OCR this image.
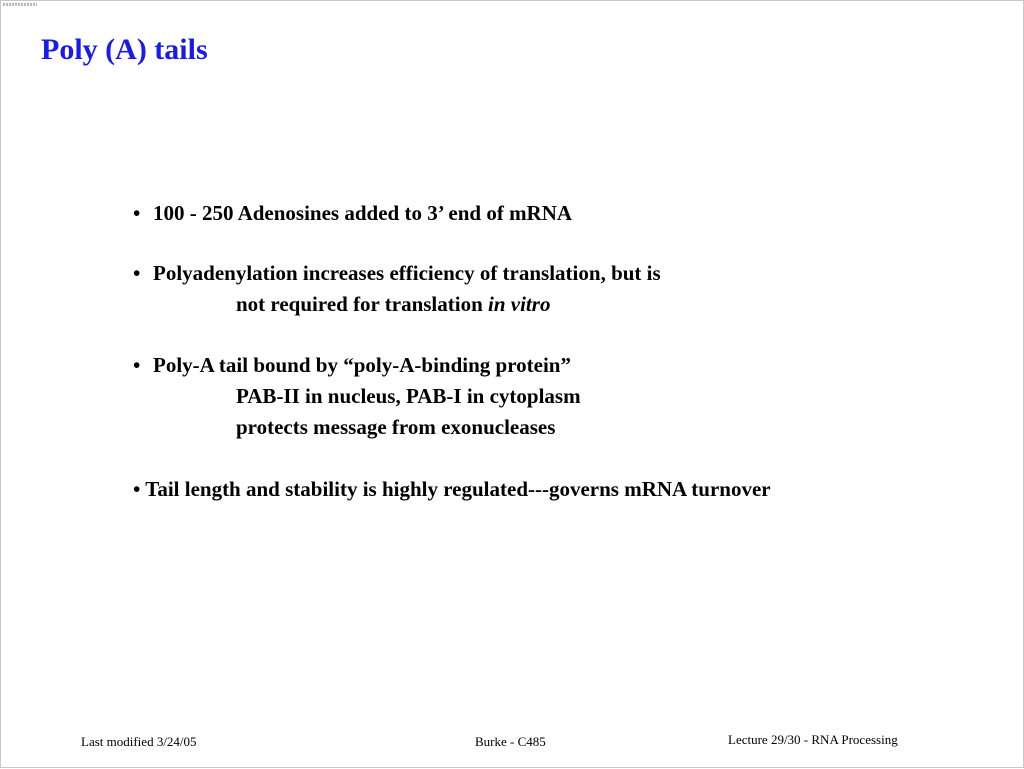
Poly (A) tails
• 100 - 250 Adenosines added to 3’ end of mRNA
• Polyadenylation increases efficiency of translation, but is
not required for translation in vitro
• Poly-A tail bound by “poly-A-binding protein”
PAB-II in nucleus, PAB-I in cytoplasm
protects message from exonucleases
• Tail length and stability is highly regulated---governs mRNA turnover
Last modified 3/24/05	Burke - C485	Lecture 29/30 - RNA Processing
